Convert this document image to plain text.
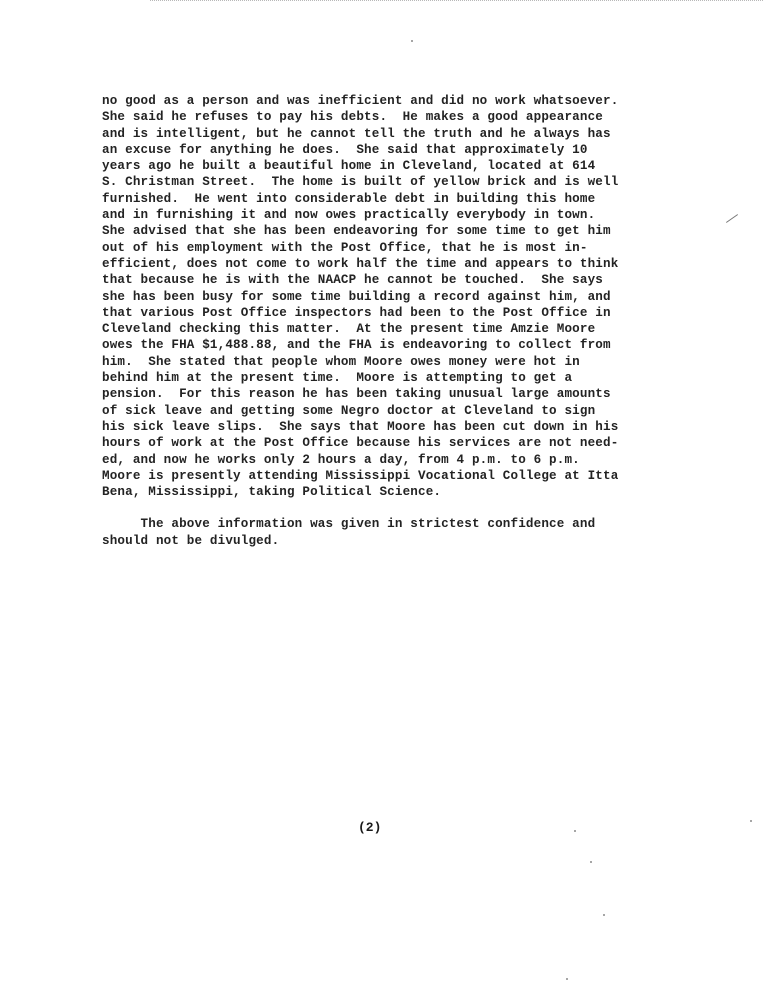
no good as a person and was inefficient and did no work whatsoever.
She said he refuses to pay his debts.  He makes a good appearance
and is intelligent, but he cannot tell the truth and he always has
an excuse for anything he does.  She said that approximately 10
years ago he built a beautiful home in Cleveland, located at 614
S. Christman Street.  The home is built of yellow brick and is well
furnished.  He went into considerable debt in building this home
and in furnishing it and now owes practically everybody in town.
She advised that she has been endeavoring for some time to get him
out of his employment with the Post Office, that he is most in-
efficient, does not come to work half the time and appears to think
that because he is with the NAACP he cannot be touched.  She says
she has been busy for some time building a record against him, and
that various Post Office inspectors had been to the Post Office in
Cleveland checking this matter.  At the present time Amzie Moore
owes the FHA $1,488.88, and the FHA is endeavoring to collect from
him.  She stated that people whom Moore owes money were hot in
behind him at the present time.  Moore is attempting to get a
pension.  For this reason he has been taking unusual large amounts
of sick leave and getting some Negro doctor at Cleveland to sign
his sick leave slips.  She says that Moore has been cut down in his
hours of work at the Post Office because his services are not need-
ed, and now he works only 2 hours a day, from 4 p.m. to 6 p.m.
Moore is presently attending Mississippi Vocational College at Itta
Bena, Mississippi, taking Political Science.
The above information was given in strictest confidence and
should not be divulged.
(2)
